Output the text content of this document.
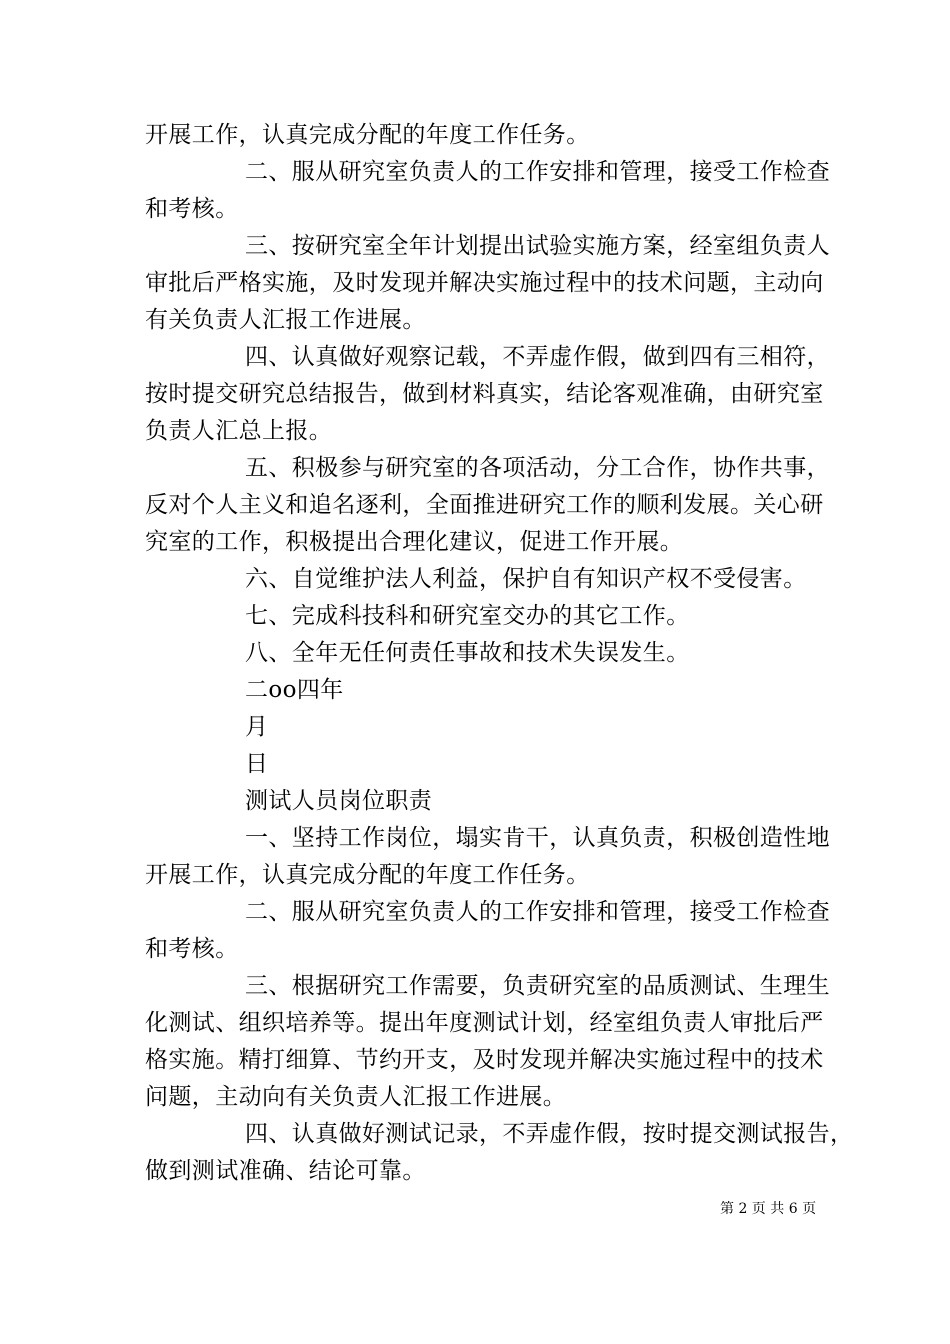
开展工作，认真完成分配的年度工作任务。
二、服从研究室负责人的工作安排和管理，接受工作检查
和考核。
三、按研究室全年计划提出试验实施方案，经室组负责人
审批后严格实施，及时发现并解决实施过程中的技术问题，主动向
有关负责人汇报工作进展。
四、认真做好观察记载，不弄虚作假，做到四有三相符，
按时提交研究总结报告，做到材料真实，结论客观准确，由研究室
负责人汇总上报。
五、积极参与研究室的各项活动，分工合作，协作共事，
反对个人主义和追名逐利，全面推进研究工作的顺利发展。关心研
究室的工作，积极提出合理化建议，促进工作开展。
六、自觉维护法人利益，保护自有知识产权不受侵害。
七、完成科技科和研究室交办的其它工作。
八、全年无任何责任事故和技术失误发生。
二oo四年
月
日
测试人员岗位职责
一、坚持工作岗位，塌实肯干，认真负责，积极创造性地
开展工作，认真完成分配的年度工作任务。
二、服从研究室负责人的工作安排和管理，接受工作检查
和考核。
三、根据研究工作需要，负责研究室的品质测试、生理生
化测试、组织培养等。提出年度测试计划，经室组负责人审批后严
格实施。精打细算、节约开支，及时发现并解决实施过程中的技术
问题，主动向有关负责人汇报工作进展。
四、认真做好测试记录，不弄虚作假，按时提交测试报告，
做到测试准确、结论可靠。
第 2 页 共 6 页
